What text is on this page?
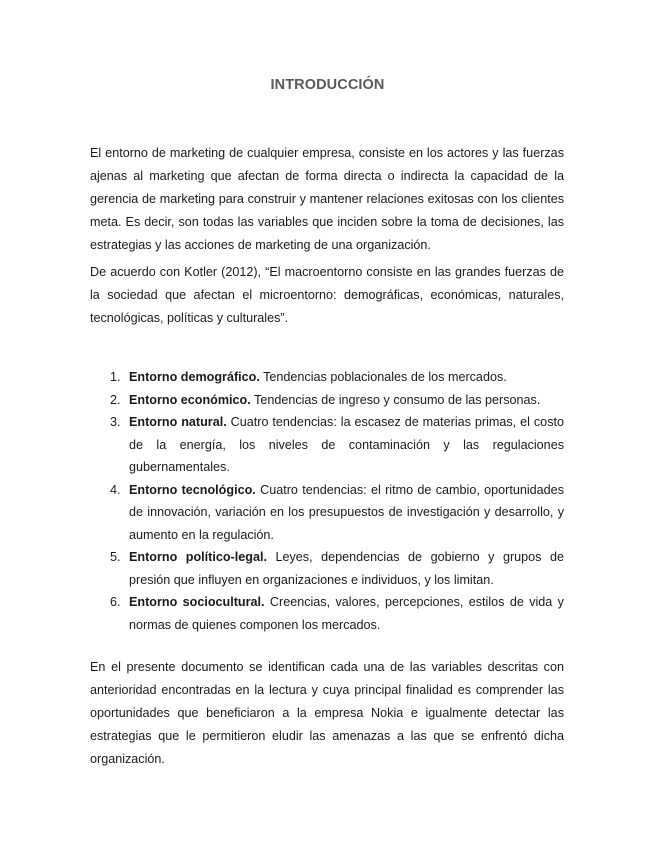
INTRODUCCIÓN

El entorno de marketing de cualquier empresa, consiste en los actores y las fuerzas ajenas al marketing que afectan de forma directa o indirecta la capacidad de la gerencia de marketing para construir y mantener relaciones exitosas con los clientes meta. Es decir, son todas las variables que inciden sobre la toma de decisiones, las estrategias y las acciones de marketing de una organización.

De acuerdo con Kotler (2012), “El macroentorno consiste en las grandes fuerzas de la sociedad que afectan el microentorno: demográficas, económicas, naturales, tecnológicas, políticas y culturales”.

1. Entorno demográfico. Tendencias poblacionales de los mercados.
2. Entorno económico. Tendencias de ingreso y consumo de las personas.
3. Entorno natural. Cuatro tendencias: la escasez de materias primas, el costo de la energía, los niveles de contaminación y las regulaciones gubernamentales.
4. Entorno tecnológico. Cuatro tendencias: el ritmo de cambio, oportunidades de innovación, variación en los presupuestos de investigación y desarrollo, y aumento en la regulación.
5. Entorno político-legal. Leyes, dependencias de gobierno y grupos de presión que influyen en organizaciones e individuos, y los limitan.
6. Entorno sociocultural. Creencias, valores, percepciones, estilos de vida y normas de quienes componen los mercados.

En el presente documento se identifican cada una de las variables descritas con anterioridad encontradas en la lectura y cuya principal finalidad es comprender las oportunidades que beneficiaron a la empresa Nokia e igualmente detectar las estrategias que le permitieron eludir las amenazas a las que se enfrentó dicha organización.
